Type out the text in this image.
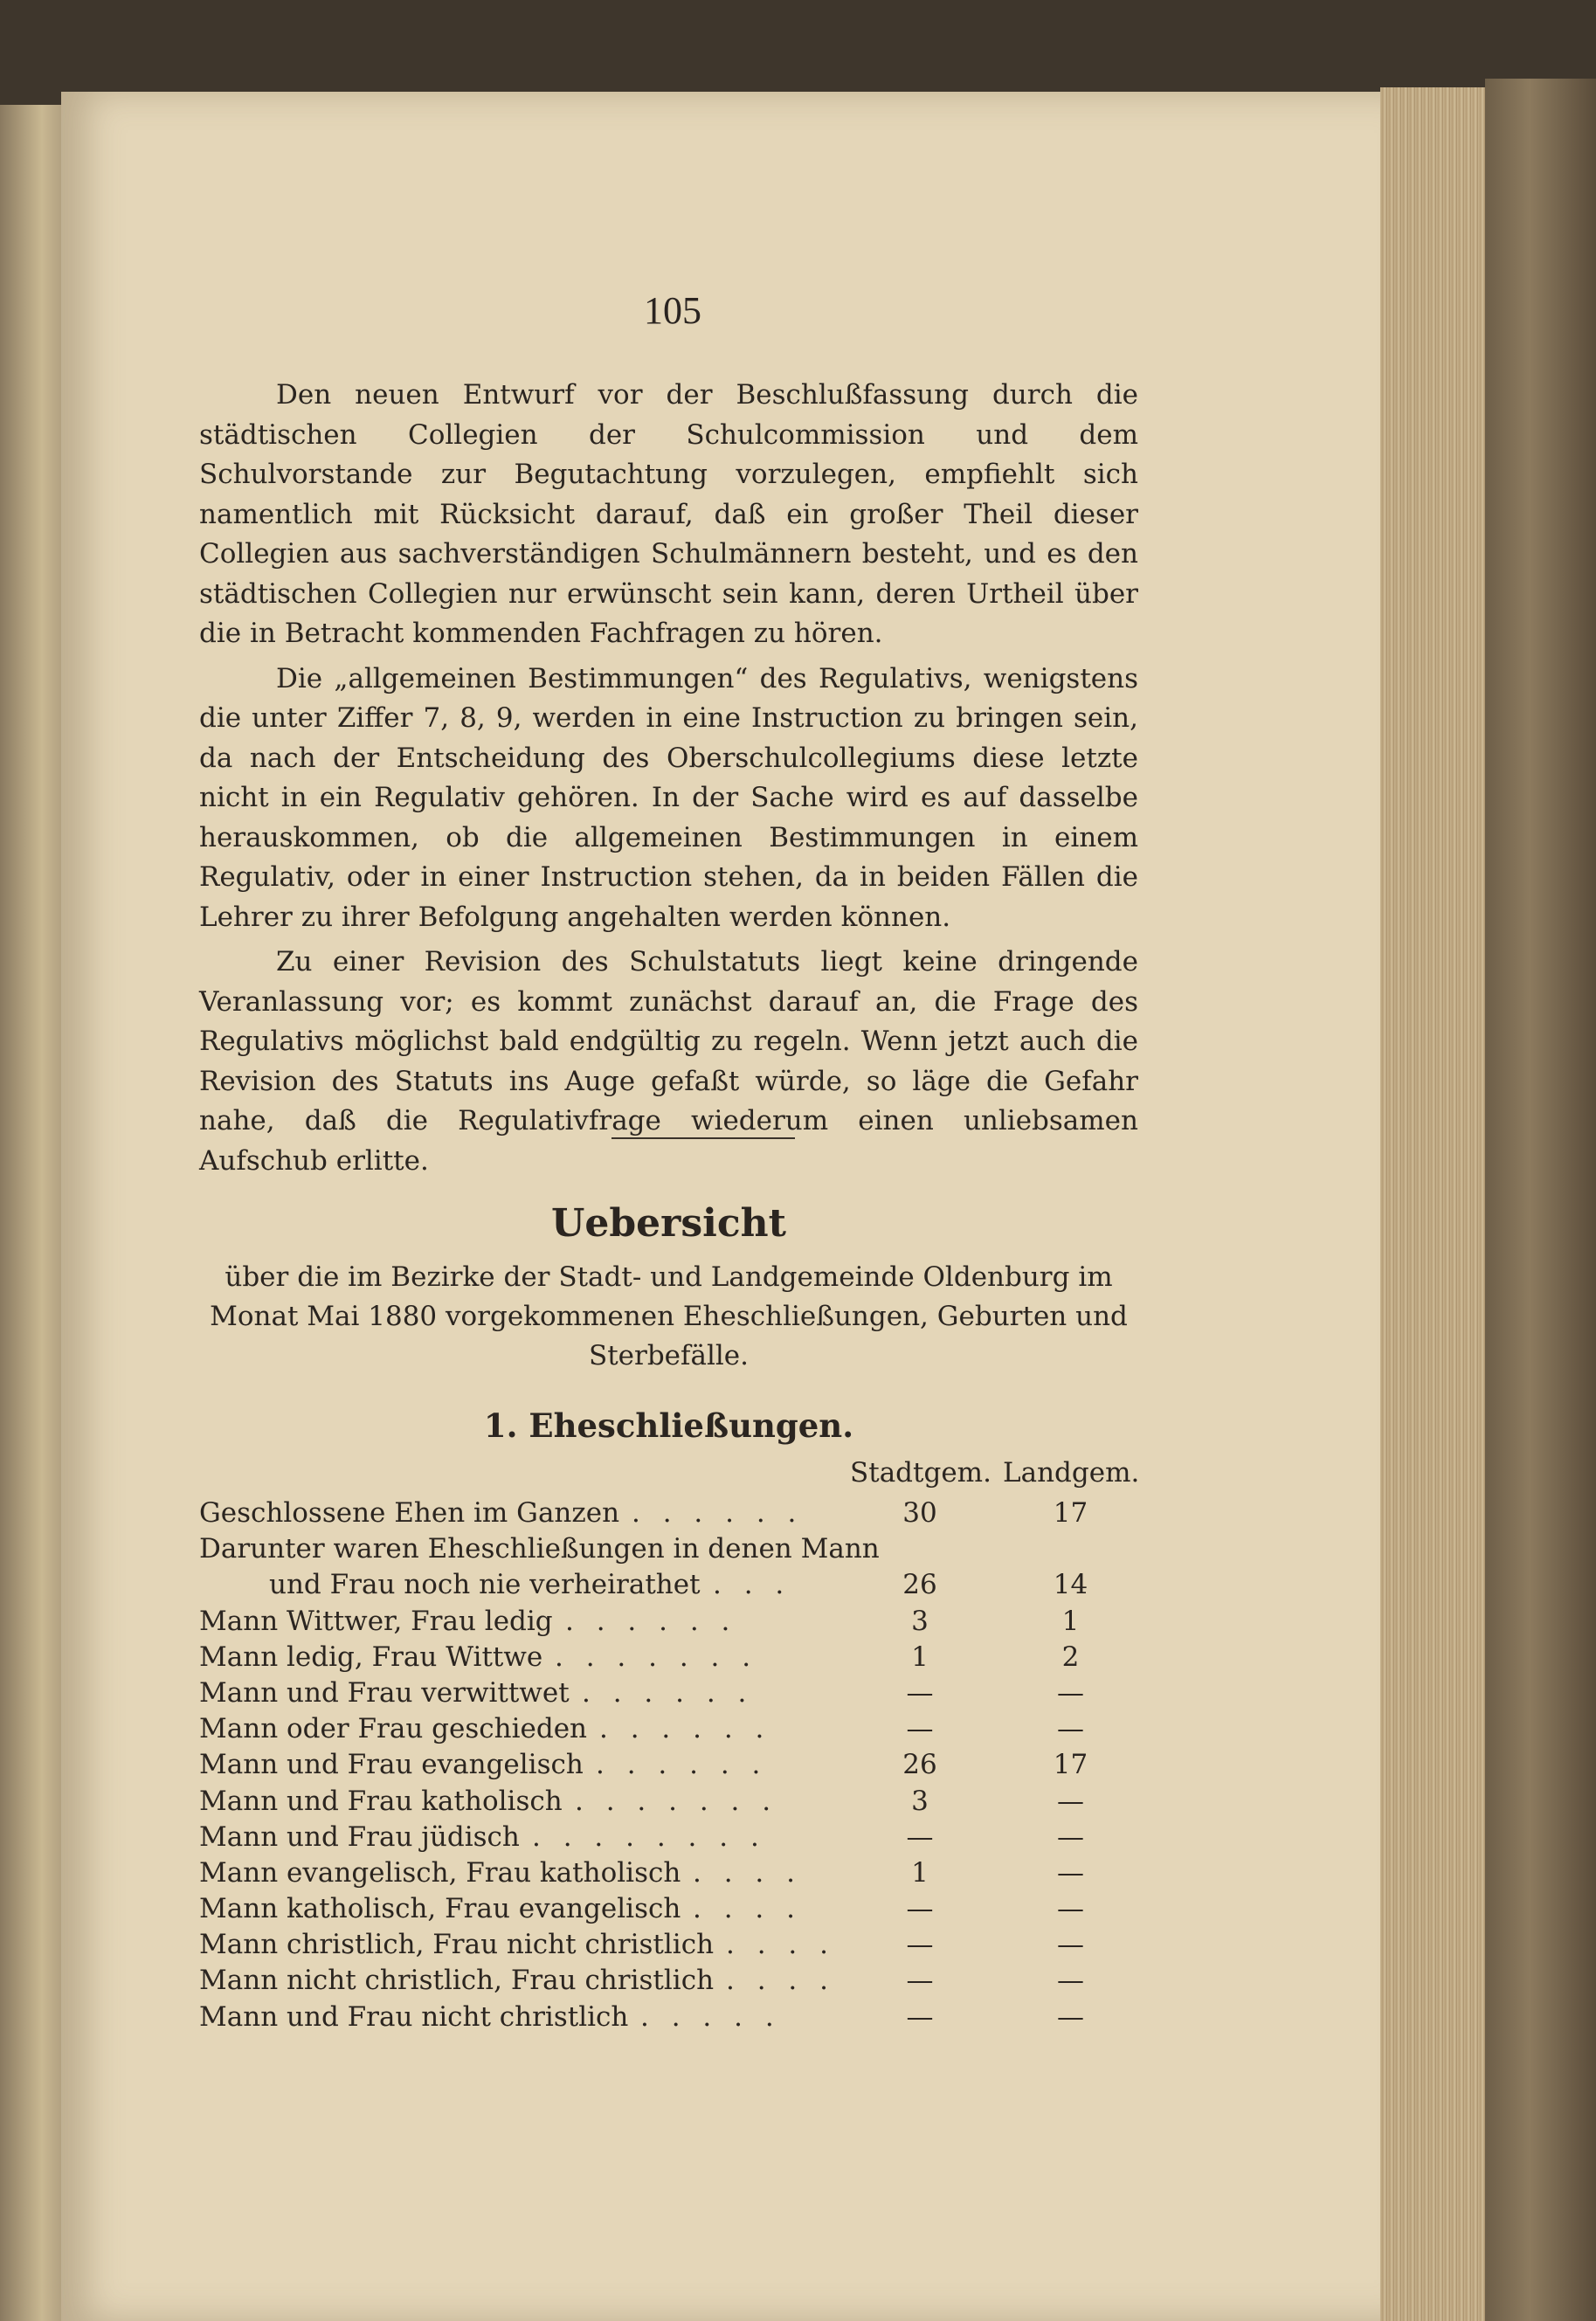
105

Den neuen Entwurf vor der Beschlußfassung durch die städtischen Collegien der Schulcommission und dem Schulvorstande zur Begutachtung vorzulegen, empfiehlt sich namentlich mit Rücksicht darauf, daß ein großer Theil dieser Collegien aus sachverständigen Schulmännern besteht, und es den städtischen Collegien nur erwünscht sein kann, deren Urtheil über die in Betracht kommenden Fachfragen zu hören.

Die „allgemeinen Bestimmungen“ des Regulativs, wenigstens die unter Ziffer 7, 8, 9, werden in eine Instruction zu bringen sein, da nach der Entscheidung des Oberschulcollegiums diese letzte nicht in ein Regulativ gehören. In der Sache wird es auf dasselbe herauskommen, ob die allgemeinen Bestimmungen in einem Regulativ, oder in einer Instruction stehen, da in beiden Fällen die Lehrer zu ihrer Befolgung angehalten werden können.

Zu einer Revision des Schulstatuts liegt keine dringende Veranlassung vor; es kommt zunächst darauf an, die Frage des Regulativs möglichst bald endgültig zu regeln. Wenn jetzt auch die Revision des Statuts ins Auge gefaßt würde, so läge die Gefahr nahe, daß die Regulativfrage wiederum einen unliebsamen Aufschub erlitte.

Uebersicht
über die im Bezirke der Stadt- und Landgemeinde Oldenburg im Monat Mai 1880 vorgekommenen Eheschließungen, Geburten und Sterbefälle.
1. Eheschließungen.
Stadtgem. Landgem.
Geschlossene Ehen im Ganzen . . . . . .	30	17
Darunter waren Eheschließungen in denen Mann
und Frau noch nie verheirathet . . .	26	14
Mann Wittwer, Frau ledig . . . . . .	3	1
Mann ledig, Frau Wittwe . . . . . . .	1	2
Mann und Frau verwittwet . . . . . .	—	—
Mann oder Frau geschieden . . . . . .	—	—
Mann und Frau evangelisch . . . . . .	26	17
Mann und Frau katholisch . . . . . . .	3	—
Mann und Frau jüdisch . . . . . . . .	—	—
Mann evangelisch, Frau katholisch . . . .	1	—
Mann katholisch, Frau evangelisch . . . .	—	—
Mann christlich, Frau nicht christlich . . . .	—	—
Mann nicht christlich, Frau christlich . . . .	—	—
Mann und Frau nicht christlich . . . . .	—	—
